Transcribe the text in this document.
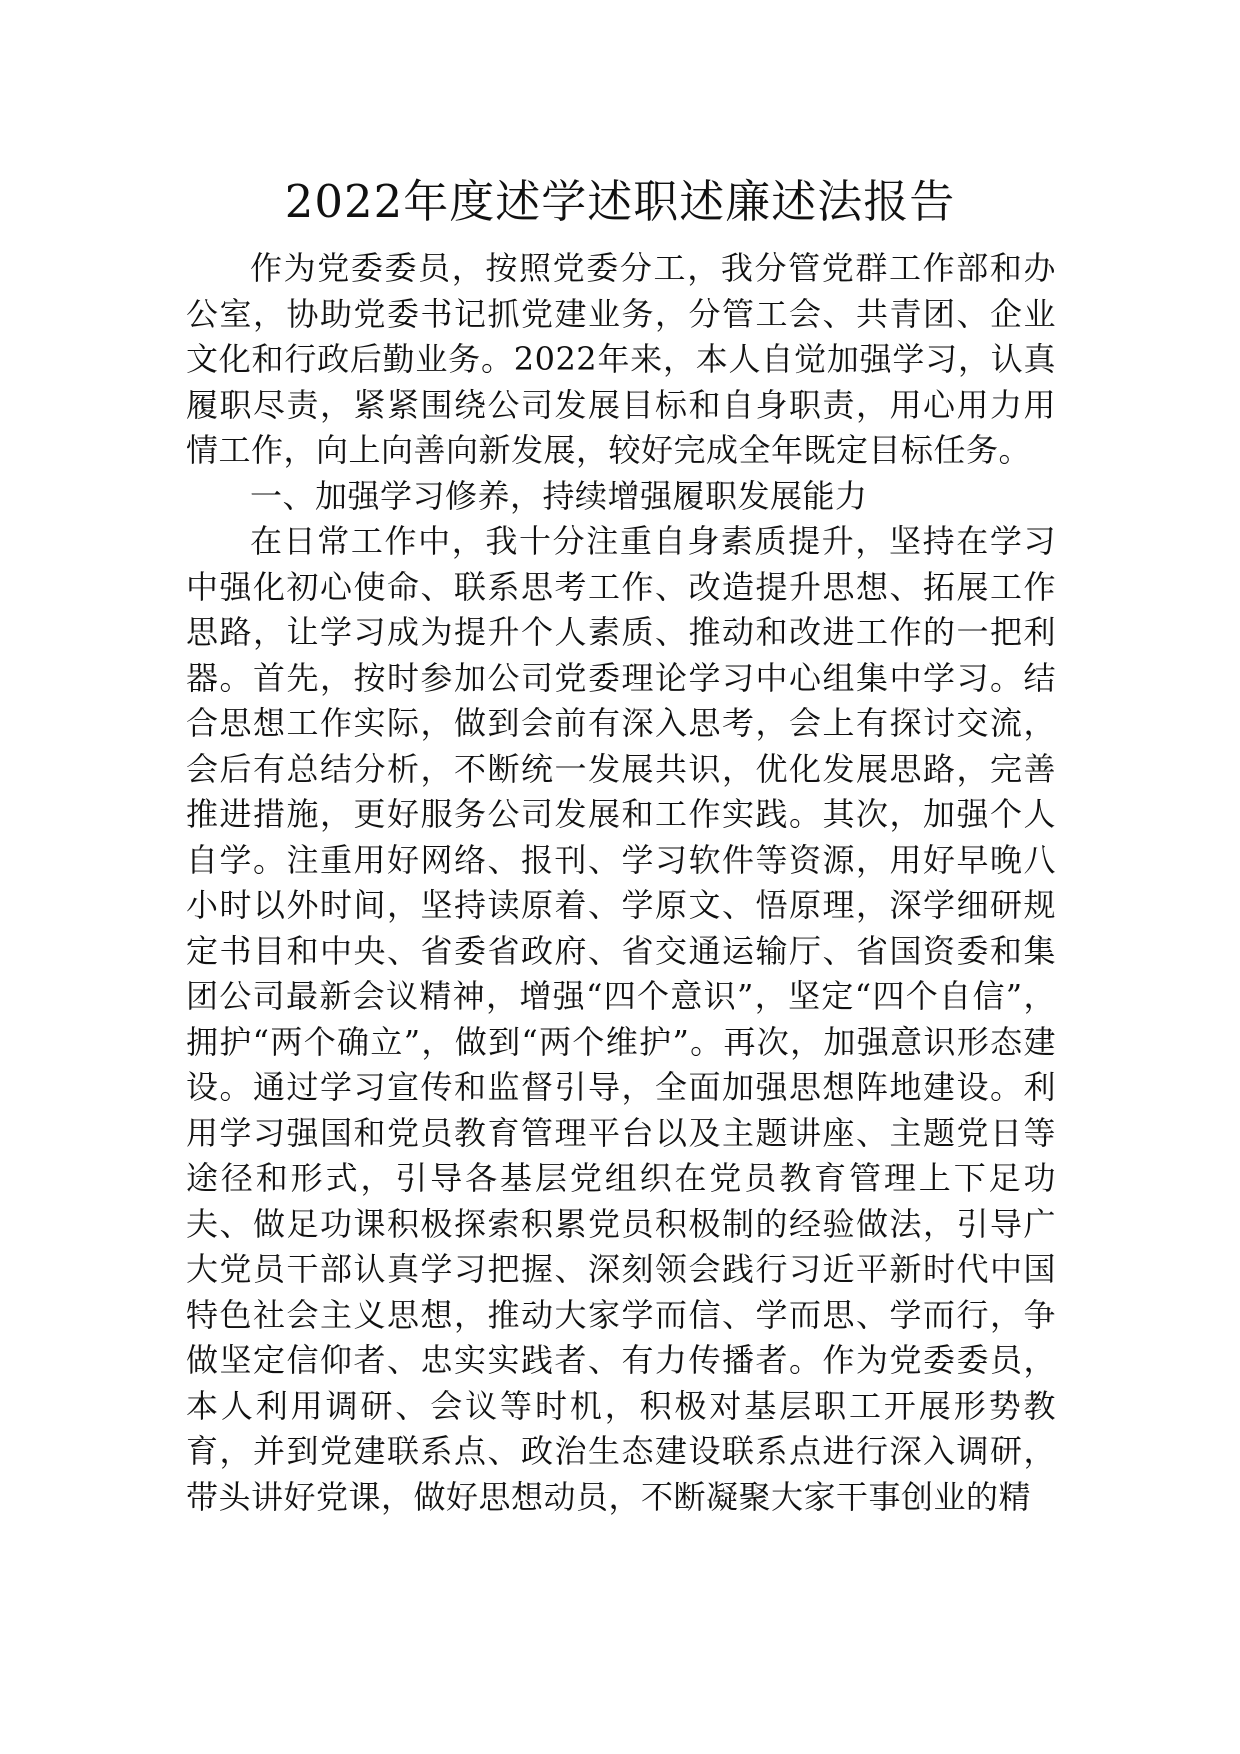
2022年度述学述职述廉述法报告

作为党委委员，按照党委分工，我分管党群工作部和办公室，协助党委书记抓党建业务，分管工会、共青团、企业文化和行政后勤业务。2022年来，本人自觉加强学习，认真履职尽责，紧紧围绕公司发展目标和自身职责，用心用力用情工作，向上向善向新发展，较好完成全年既定目标任务。

一、加强学习修养，持续增强履职发展能力

在日常工作中，我十分注重自身素质提升，坚持在学习中强化初心使命、联系思考工作、改造提升思想、拓展工作思路，让学习成为提升个人素质、推动和改进工作的一把利器。首先，按时参加公司党委理论学习中心组集中学习。结合思想工作实际，做到会前有深入思考，会上有探讨交流，会后有总结分析，不断统一发展共识，优化发展思路，完善推进措施，更好服务公司发展和工作实践。其次，加强个人自学。注重用好网络、报刊、学习软件等资源，用好早晚八小时以外时间，坚持读原着、学原文、悟原理，深学细研规定书目和中央、省委省政府、省交通运输厅、省国资委和集团公司最新会议精神，增强“四个意识”，坚定“四个自信”，拥护“两个确立”，做到“两个维护”。再次，加强意识形态建设。通过学习宣传和监督引导，全面加强思想阵地建设。利用学习强国和党员教育管理平台以及主题讲座、主题党日等途径和形式，引导各基层党组织在党员教育管理上下足功夫、做足功课积极探索积累党员积极制的经验做法，引导广大党员干部认真学习把握、深刻领会践行习近平新时代中国特色社会主义思想，推动大家学而信、学而思、学而行，争做坚定信仰者、忠实实践者、有力传播者。作为党委委员，本人利用调研、会议等时机，积极对基层职工开展形势教育，并到党建联系点、政治生态建设联系点进行深入调研，带头讲好党课，做好思想动员，不断凝聚大家干事创业的精
